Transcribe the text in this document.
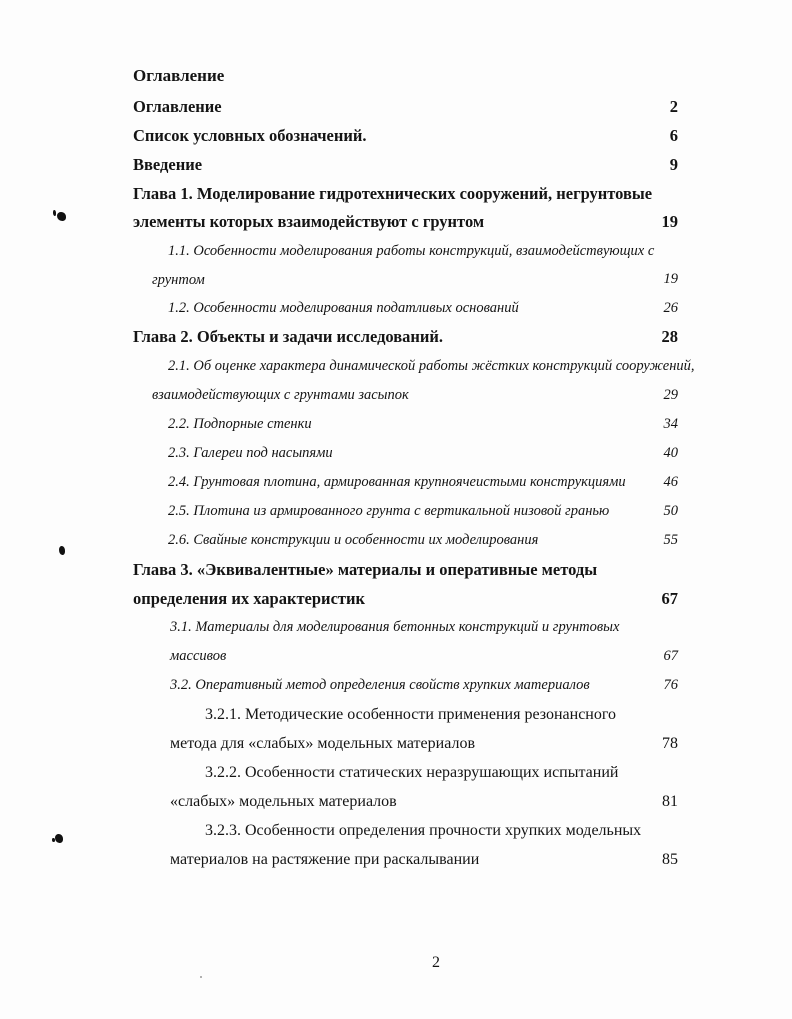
Оглавление
Оглавление	2
Список условных обозначений.	6
Введение	9
Глава 1. Моделирование гидротехнических сооружений, негрунтовые
элементы которых взаимодействуют с грунтом	19
1.1. Особенности моделирования работы конструкций, взаимодействующих с
грунтом	19
1.2. Особенности моделирования податливых оснований	26
Глава 2. Объекты и задачи исследований.	28
2.1. Об оценке характера динамической работы жёстких конструкций сооружений,
взаимодействующих с грунтами засыпок	29
2.2. Подпорные стенки	34
2.3. Галереи под насыпями	40
2.4. Грунтовая плотина, армированная крупноячеистыми конструкциями	46
2.5. Плотина из армированного грунта с вертикальной низовой гранью	50
2.6. Свайные конструкции и особенности их моделирования	55
Глава 3. «Эквивалентные» материалы и оперативные методы
определения их характеристик	67
3.1. Материалы для моделирования бетонных конструкций и грунтовых
массивов	67
3.2. Оперативный метод определения свойств хрупких материалов	76
3.2.1. Методические особенности применения резонансного
метода для «слабых» модельных материалов	78
3.2.2. Особенности статических неразрушающих испытаний
«слабых» модельных материалов	81
3.2.3. Особенности определения прочности хрупких модельных
материалов на растяжение при раскалывании	85
2
